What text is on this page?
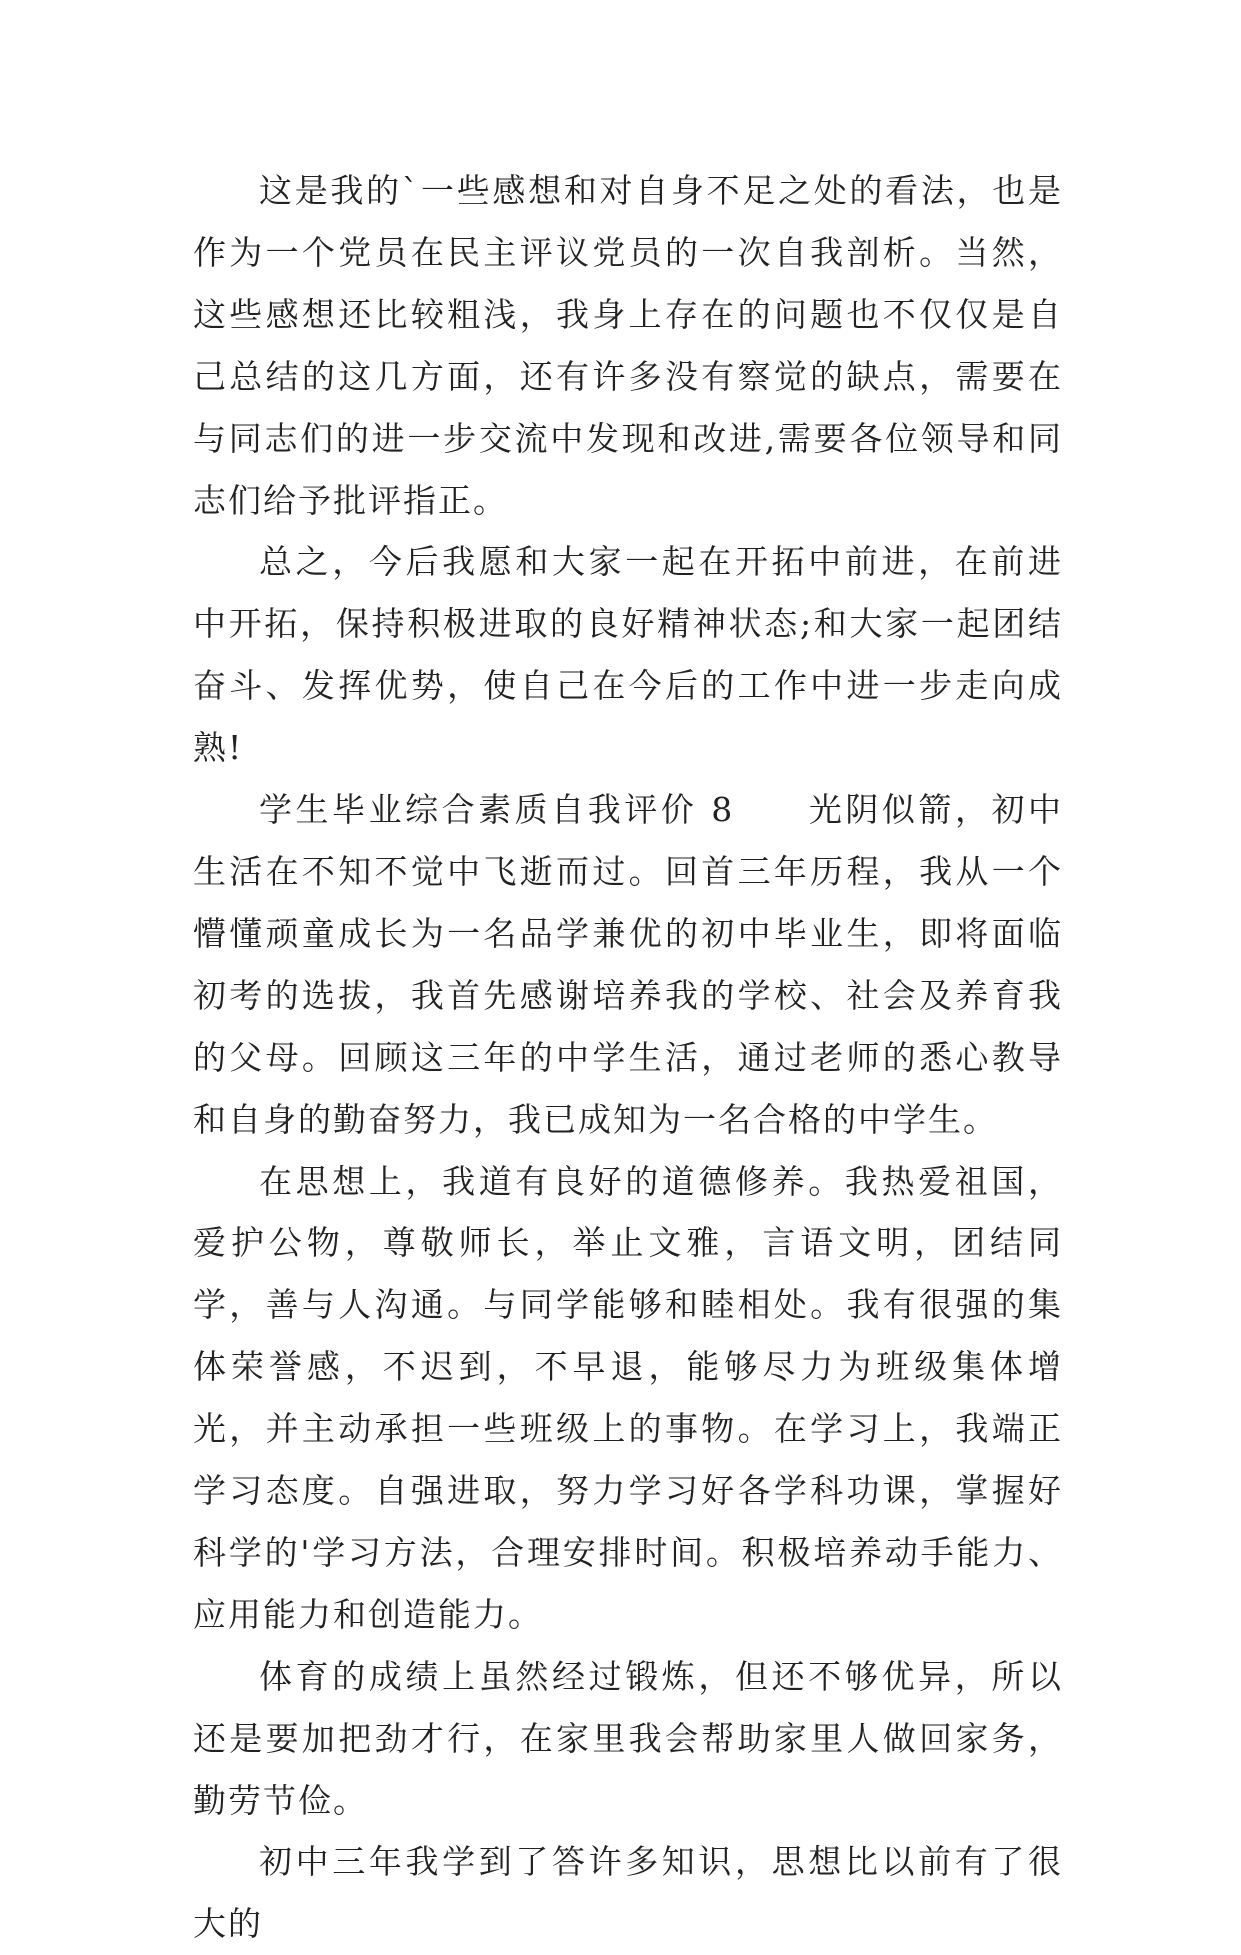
这是我的`一些感想和对自身不足之处的看法，也是作为一个党员在民主评议党员的一次自我剖析。当然，这些感想还比较粗浅，我身上存在的问题也不仅仅是自己总结的这几方面，还有许多没有察觉的缺点，需要在与同志们的进一步交流中发现和改进,需要各位领导和同志们给予批评指正。

总之，今后我愿和大家一起在开拓中前进，在前进中开拓，保持积极进取的良好精神状态;和大家一起团结奋斗、发挥优势，使自己在今后的工作中进一步走向成熟!

学生毕业综合素质自我评价 8　　光阴似箭，初中生活在不知不觉中飞逝而过。回首三年历程，我从一个懵懂顽童成长为一名品学兼优的初中毕业生，即将面临初考的选拔，我首先感谢培养我的学校、社会及养育我的父母。回顾这三年的中学生活，通过老师的悉心教导和自身的勤奋努力，我已成知为一名合格的中学生。

在思想上，我道有良好的道德修养。我热爱祖国，爱护公物，尊敬师长，举止文雅，言语文明，团结同学，善与人沟通。与同学能够和睦相处。我有很强的集体荣誉感，不迟到，不早退，能够尽力为班级集体增光，并主动承担一些班级上的事物。在学习上，我端正学习态度。自强进取，努力学习好各学科功课，掌握好科学的'学习方法，合理安排时间。积极培养动手能力、应用能力和创造能力。

体育的成绩上虽然经过锻炼，但还不够优异，所以还是要加把劲才行，在家里我会帮助家里人做回家务，勤劳节俭。

初中三年我学到了答许多知识，思想比以前有了很大的
